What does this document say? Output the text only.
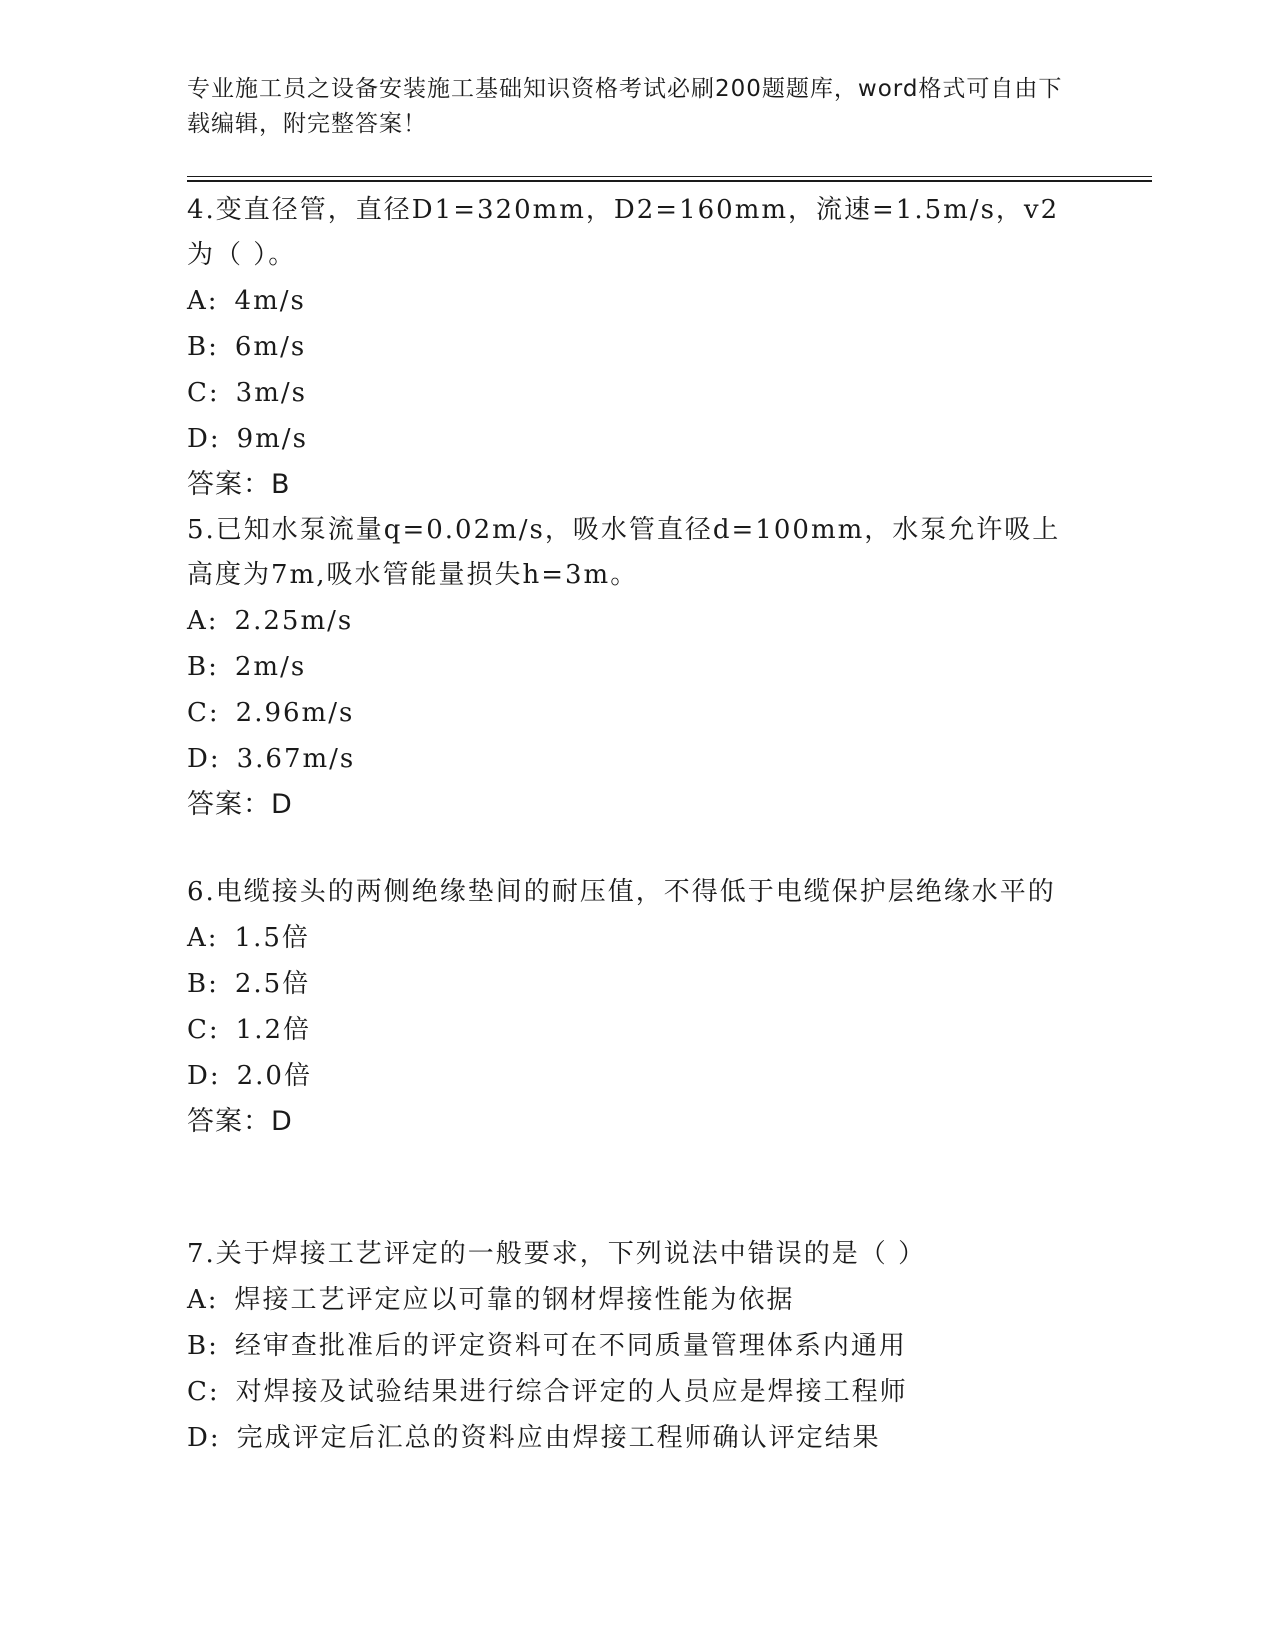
专业施工员之设备安装施工基础知识资格考试必刷200题题库，word格式可自由下载编辑，附完整答案！

4.变直径管，直径D1=320mm，D2=160mm，流速=1.5m/s，v2为（ ）。

A: 4m/s
B: 6m/s
C: 3m/s
D: 9m/s
答案：B

5.已知水泵流量q=0.02m/s，吸水管直径d=100mm，水泵允许吸上高度为7m,吸水管能量损失h=3m。

A: 2.25m/s
B: 2m/s
C: 2.96m/s
D: 3.67m/s
答案：D

6.电缆接头的两侧绝缘垫间的耐压值，不得低于电缆保护层绝缘水平的

A: 1.5倍
B: 2.5倍
C: 1.2倍
D: 2.0倍
答案：D

7.关于焊接工艺评定的一般要求，下列说法中错误的是（ ）

A: 焊接工艺评定应以可靠的钢材焊接性能为依据
B: 经审查批准后的评定资料可在不同质量管理体系内通用
C: 对焊接及试验结果进行综合评定的人员应是焊接工程师
D: 完成评定后汇总的资料应由焊接工程师确认评定结果
